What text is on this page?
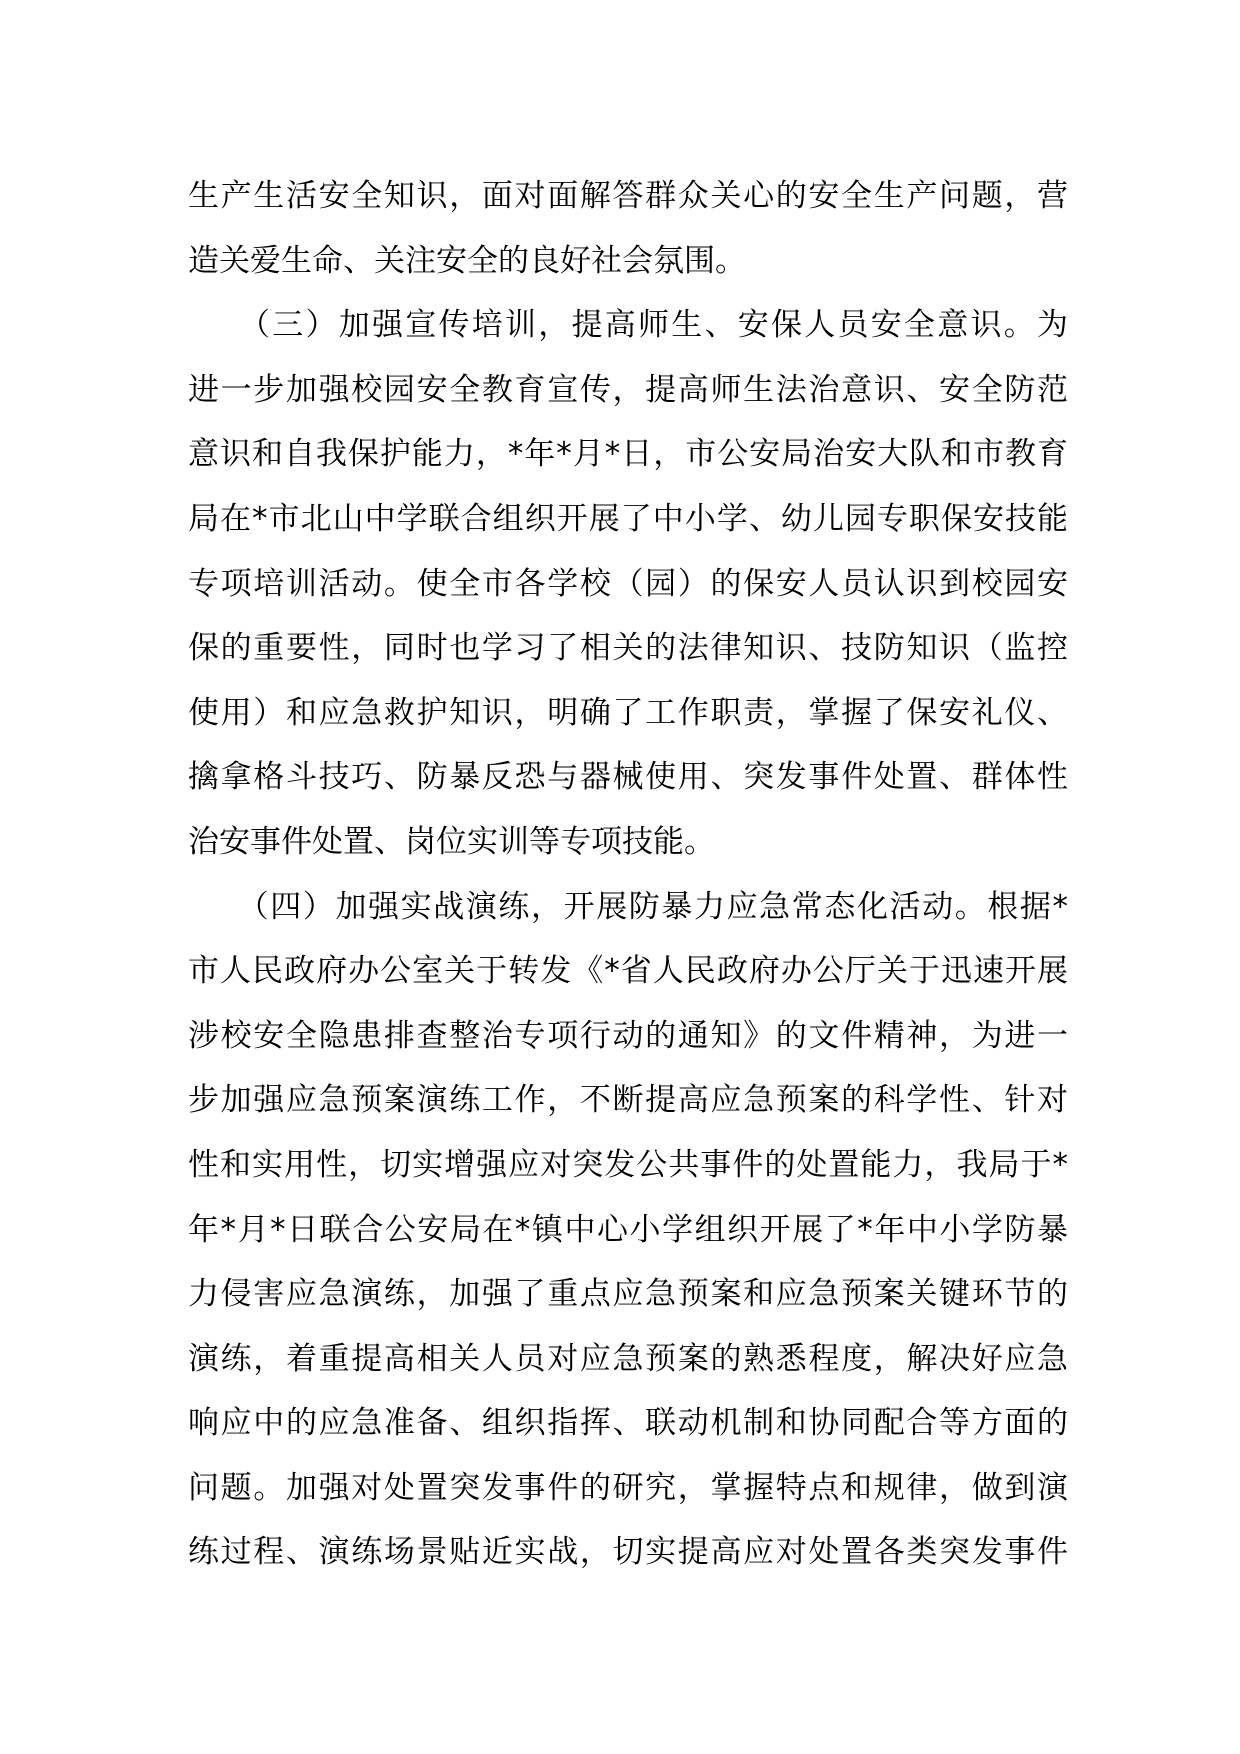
生产生活安全知识，面对面解答群众关心的安全生产问题，营
造关爱生命、关注安全的良好社会氛围。
　　（三）加强宣传培训，提高师生、安保人员安全意识。为
进一步加强校园安全教育宣传，提高师生法治意识、安全防范
意识和自我保护能力，*年*月*日，市公安局治安大队和市教育
局在*市北山中学联合组织开展了中小学、幼儿园专职保安技能
专项培训活动。使全市各学校（园）的保安人员认识到校园安
保的重要性，同时也学习了相关的法律知识、技防知识（监控
使用）和应急救护知识，明确了工作职责，掌握了保安礼仪、
擒拿格斗技巧、防暴反恐与器械使用、突发事件处置、群体性
治安事件处置、岗位实训等专项技能。
　　（四）加强实战演练，开展防暴力应急常态化活动。根据*
市人民政府办公室关于转发《*省人民政府办公厅关于迅速开展
涉校安全隐患排查整治专项行动的通知》的文件精神，为进一
步加强应急预案演练工作，不断提高应急预案的科学性、针对
性和实用性，切实增强应对突发公共事件的处置能力，我局于*
年*月*日联合公安局在*镇中心小学组织开展了*年中小学防暴
力侵害应急演练，加强了重点应急预案和应急预案关键环节的
演练，着重提高相关人员对应急预案的熟悉程度，解决好应急
响应中的应急准备、组织指挥、联动机制和协同配合等方面的
问题。加强对处置突发事件的研究，掌握特点和规律，做到演
练过程、演练场景贴近实战，切实提高应对处置各类突发事件
